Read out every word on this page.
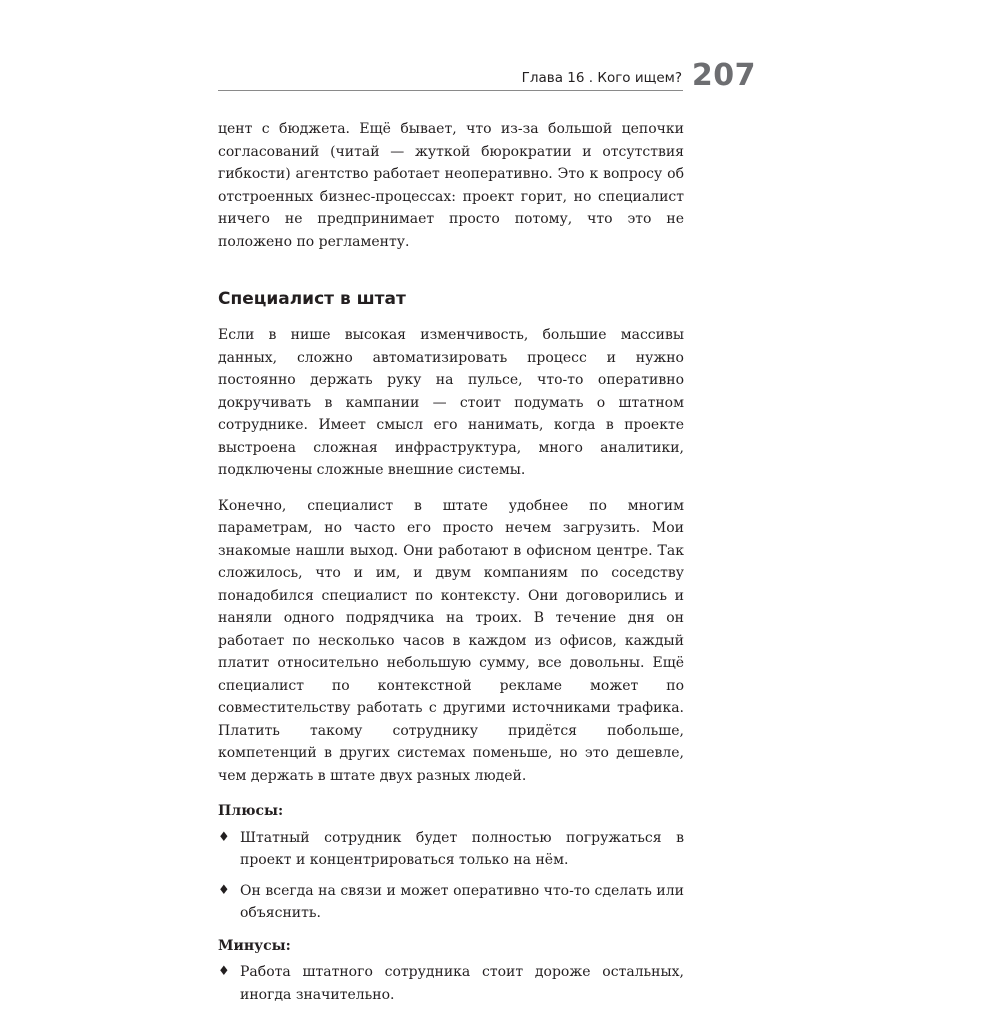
Глава 16 . Кого ищем? 207

цент с бюджета. Ещё бывает, что из-за большой цепочки согласований (читай — жуткой бюрократии и отсутствия гибкости) агентство работает неоперативно. Это к вопросу об отстроенных бизнес-процессах: проект горит, но специалист ничего не предпринимает просто потому, что это не положено по регламенту.

Специалист в штат

Если в нише высокая изменчивость, большие массивы данных, сложно автоматизировать процесс и нужно постоянно держать руку на пульсе, что-то оперативно докручивать в кампании — стоит подумать о штатном сотруднике. Имеет смысл его нанимать, когда в проекте выстроена сложная инфраструктура, много аналитики, подключены сложные внешние системы.

Конечно, специалист в штате удобнее по многим параметрам, но часто его просто нечем загрузить. Мои знакомые нашли выход. Они работают в офисном центре. Так сложилось, что и им, и двум компаниям по соседству понадобился специалист по контексту. Они договорились и наняли одного подрядчика на троих. В течение дня он работает по несколько часов в каждом из офисов, каждый платит относительно небольшую сумму, все довольны. Ещё специалист по контекстной рекламе может по совместительству работать с другими источниками трафика. Платить такому сотруднику придётся побольше, компетенций в других системах поменьше, но это дешевле, чем держать в штате двух разных людей.

Плюсы:
♦ Штатный сотрудник будет полностью погружаться в проект и концентрироваться только на нём.
♦ Он всегда на связи и может оперативно что-то сделать или объяснить.
Минусы:
♦ Работа штатного сотрудника стоит дороже остальных, иногда значительно.
